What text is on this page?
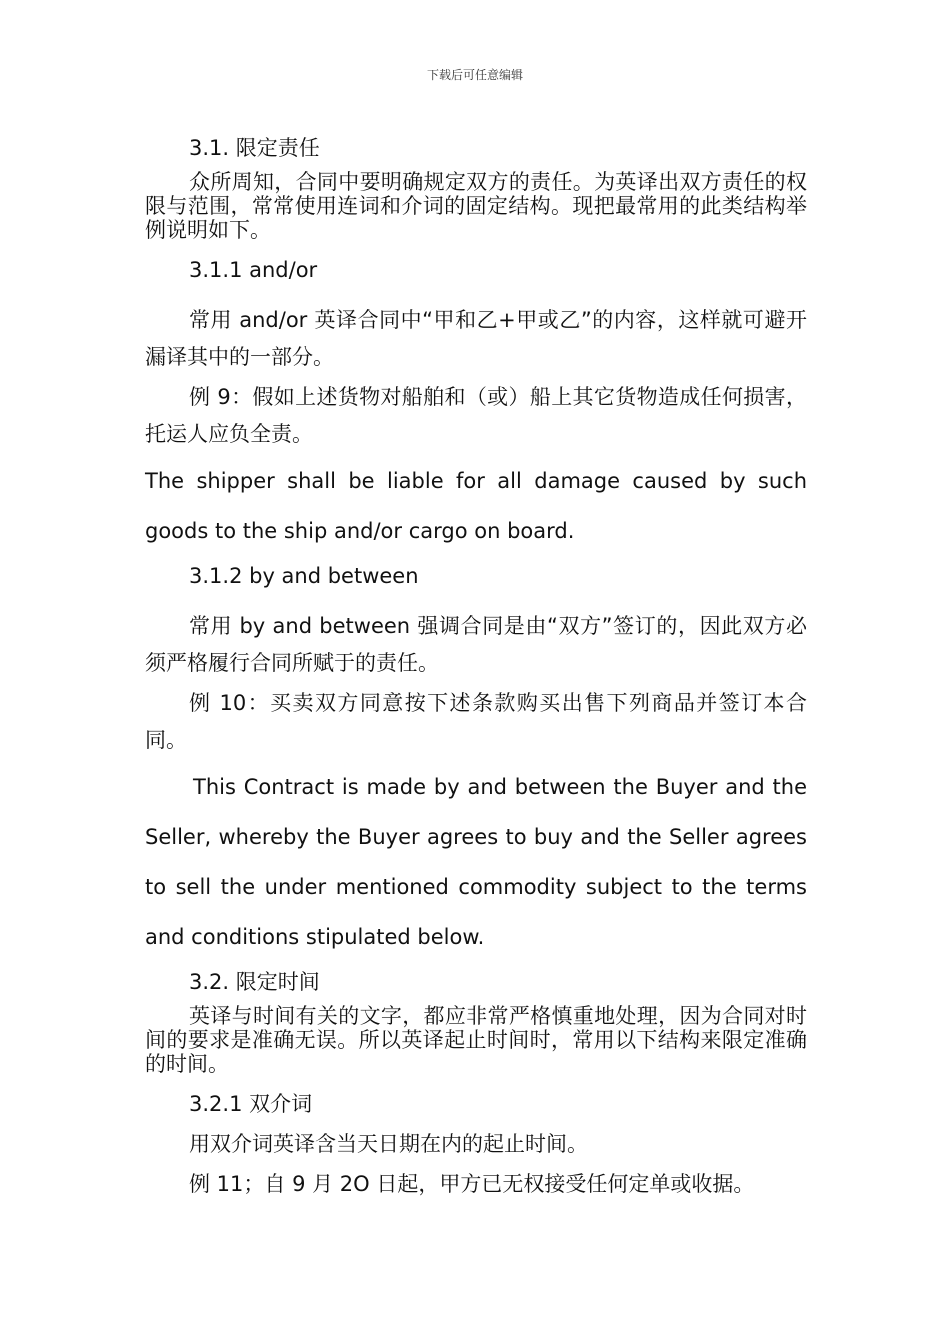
下载后可任意编辑
3.1. 限定责任

众所周知，合同中要明确规定双方的责任。为英译出双方责任的权限与范围，常常使用连词和介词的固定结构。现把最常用的此类结构举例说明如下。

3.1.1 and/or

常用 and/or 英译合同中“甲和乙+甲或乙”的内容，这样就可避开漏译其中的一部分。

例 9：假如上述货物对船舶和（或）船上其它货物造成任何损害，托运人应负全责。

The shipper shall be liable for all damage caused by such goods to the ship and/or cargo on board.

3.1.2 by and between

常用 by and between 强调合同是由“双方”签订的，因此双方必须严格履行合同所赋于的责任。

例 10：买卖双方同意按下述条款购买出售下列商品并签订本合同。

This Contract is made by and between the Buyer and the Seller, whereby the Buyer agrees to buy and the Seller agrees to sell the under mentioned commodity subject to the terms and conditions stipulated below.

3.2. 限定时间

英译与时间有关的文字，都应非常严格慎重地处理，因为合同对时间的要求是准确无误。所以英译起止时间时，常用以下结构来限定准确的时间。

3.2.1 双介词

用双介词英译含当天日期在内的起止时间。

例 11；自 9 月 2O 日起，甲方已无权接受任何定单或收据。
